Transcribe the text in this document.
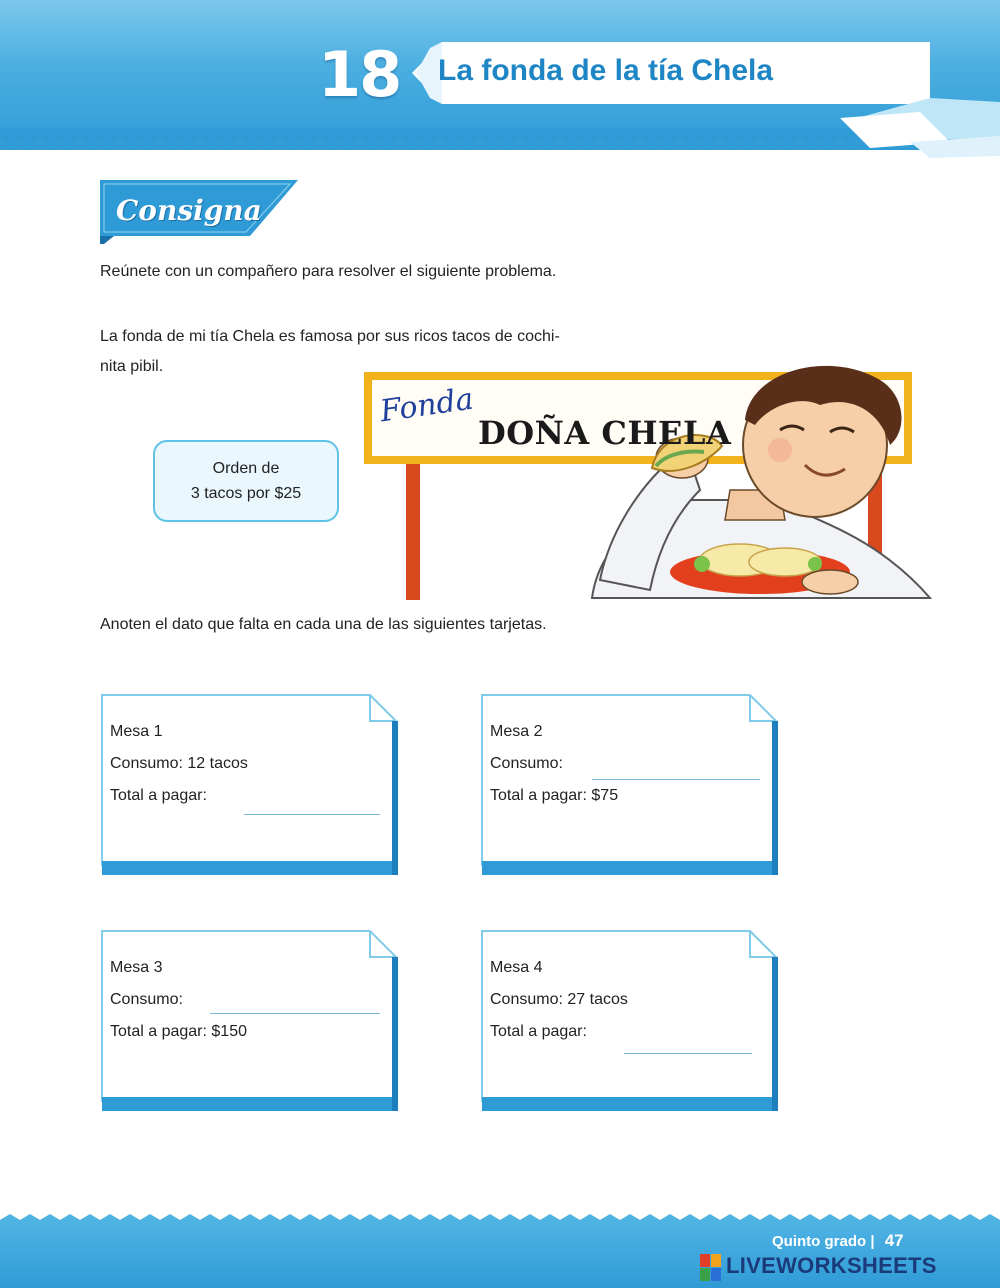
18 La fonda de la tía Chela
Consigna
Reúnete con un compañero para resolver el siguiente problema.
La fonda de mi tía Chela es famosa por sus ricos tacos de cochi-
nita pibil.
Orden de
3 tacos por $25
Fonda
DOÑA CHELA
Anoten el dato que falta en cada una de las siguientes tarjetas.
Mesa 1
Consumo: 12 tacos
Total a pagar:
Mesa 2
Consumo:
Total a pagar: $75
Mesa 3
Consumo:
Total a pagar: $150
Mesa 4
Consumo: 27 tacos
Total a pagar:
Quinto grado | 47
LIVEWORKSHEETS
